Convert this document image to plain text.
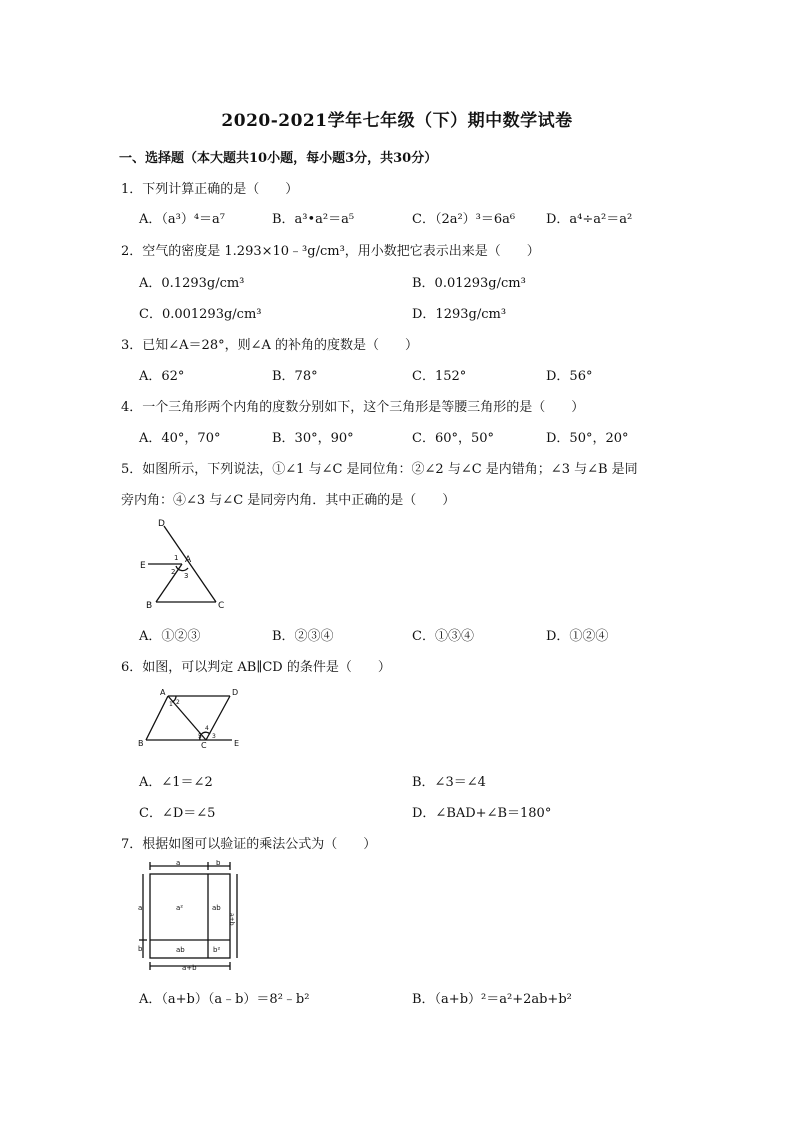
2020-2021学年七年级（下）期中数学试卷
一、选择题（本大题共10小题，每小题3分，共30分）
1．下列计算正确的是（　　）
A．（a³）⁴＝a⁷	B．a³•a²＝a⁵	C．（2a²）³＝6a⁶ D．a⁴÷a²＝a²
2．空气的密度是 1.293×10﹣³g/cm³，用小数把它表示出来是（　　）
A．0.1293g/cm³	B．0.01293g/cm³
C．0.001293g/cm³	D．1293g/cm³
3．已知∠A＝28°，则∠A 的补角的度数是（　　）
A．62°	B．78°	C．152°	D．56°
4．一个三角形两个内角的度数分别如下，这个三角形是等腰三角形的是（　　）
A．40°，70°	B．30°，90°	C．60°，50°	D．50°，20°
5．如图所示，下列说法，①∠1 与∠C 是同位角：②∠2 与∠C 是内错角；∠3 与∠B 是同
旁内角：④∠3 与∠C 是同旁内角．其中正确的是（　　）
D
E
A
B	C
1
2 3
A．①②③	B．②③④	C．①③④	D．①②④
6．如图，可以判定 AB∥CD 的条件是（　　）
A	D
B	C	E
1 2
3
4
5
A．∠1＝∠2	B．∠3＝∠4
C．∠D＝∠5	D．∠BAD+∠B＝180°
7．根据如图可以验证的乘法公式为（　　）
a	b
a
b
a+b
a+b
a²	ab
ab	b²
A．（a+b）（a﹣b）＝8²﹣b²	B．（a+b）²＝a²+2ab+b²
